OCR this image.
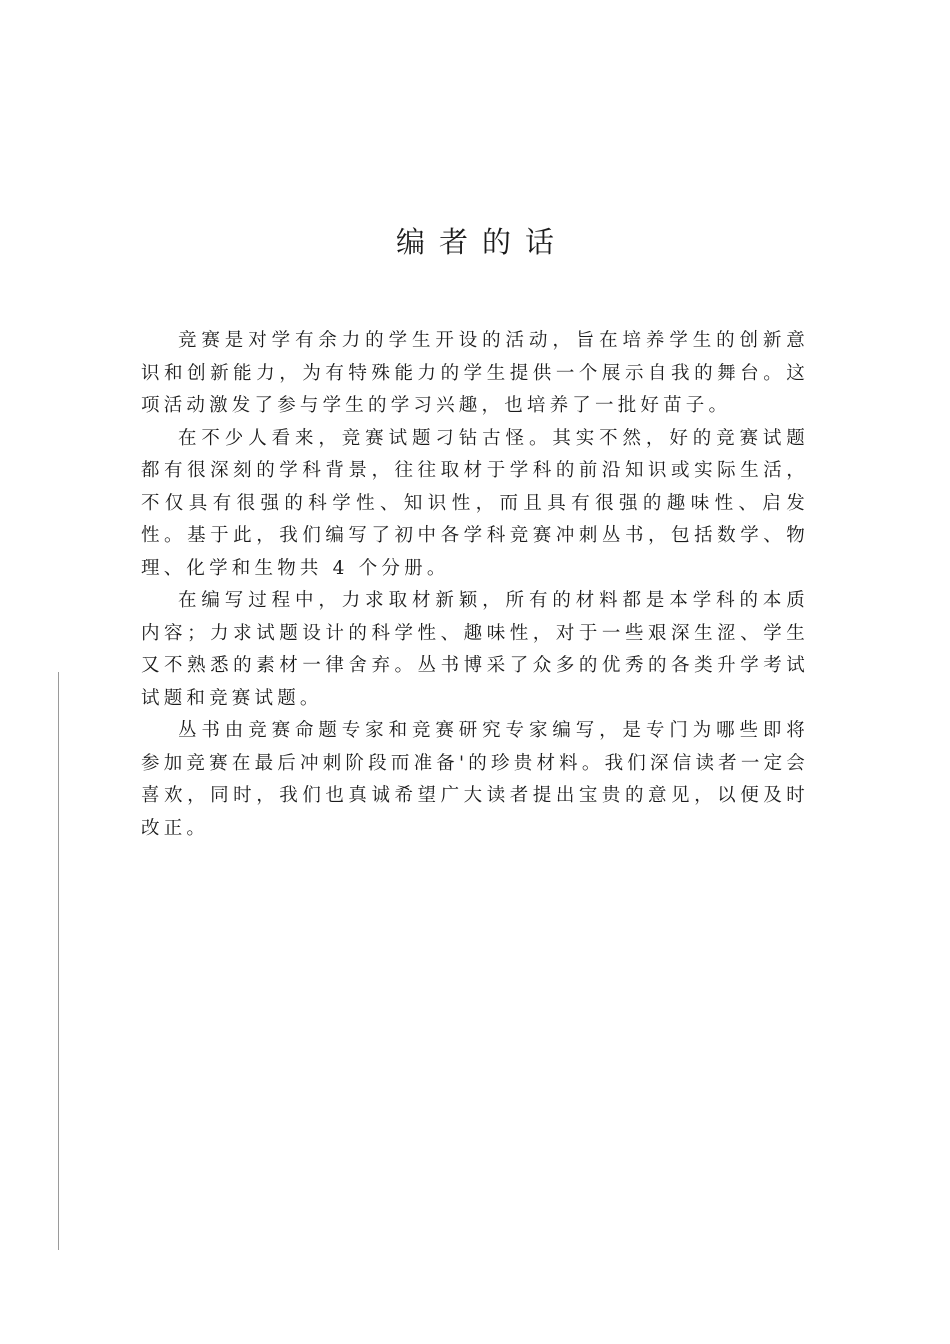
编者的话

竞赛是对学有余力的学生开设的活动，旨在培养学生的创新意识和创新能力，为有特殊能力的学生提供一个展示自我的舞台。这项活动激发了参与学生的学习兴趣，也培养了一批好苗子。

在不少人看来，竞赛试题刁钻古怪。其实不然，好的竞赛试题都有很深刻的学科背景，往往取材于学科的前沿知识或实际生活，不仅具有很强的科学性、知识性，而且具有很强的趣味性、启发性。基于此，我们编写了初中各学科竞赛冲刺丛书，包括数学、物理、化学和生物共 4 个分册。

在编写过程中，力求取材新颖，所有的材料都是本学科的本质内容；力求试题设计的科学性、趣味性，对于一些艰深生涩、学生又不熟悉的素材一律舍弃。丛书博采了众多的优秀的各类升学考试试题和竞赛试题。

丛书由竞赛命题专家和竞赛研究专家编写，是专门为哪些即将参加竞赛在最后冲刺阶段而准备'的珍贵材料。我们深信读者一定会喜欢，同时，我们也真诚希望广大读者提出宝贵的意见，以便及时改正。
